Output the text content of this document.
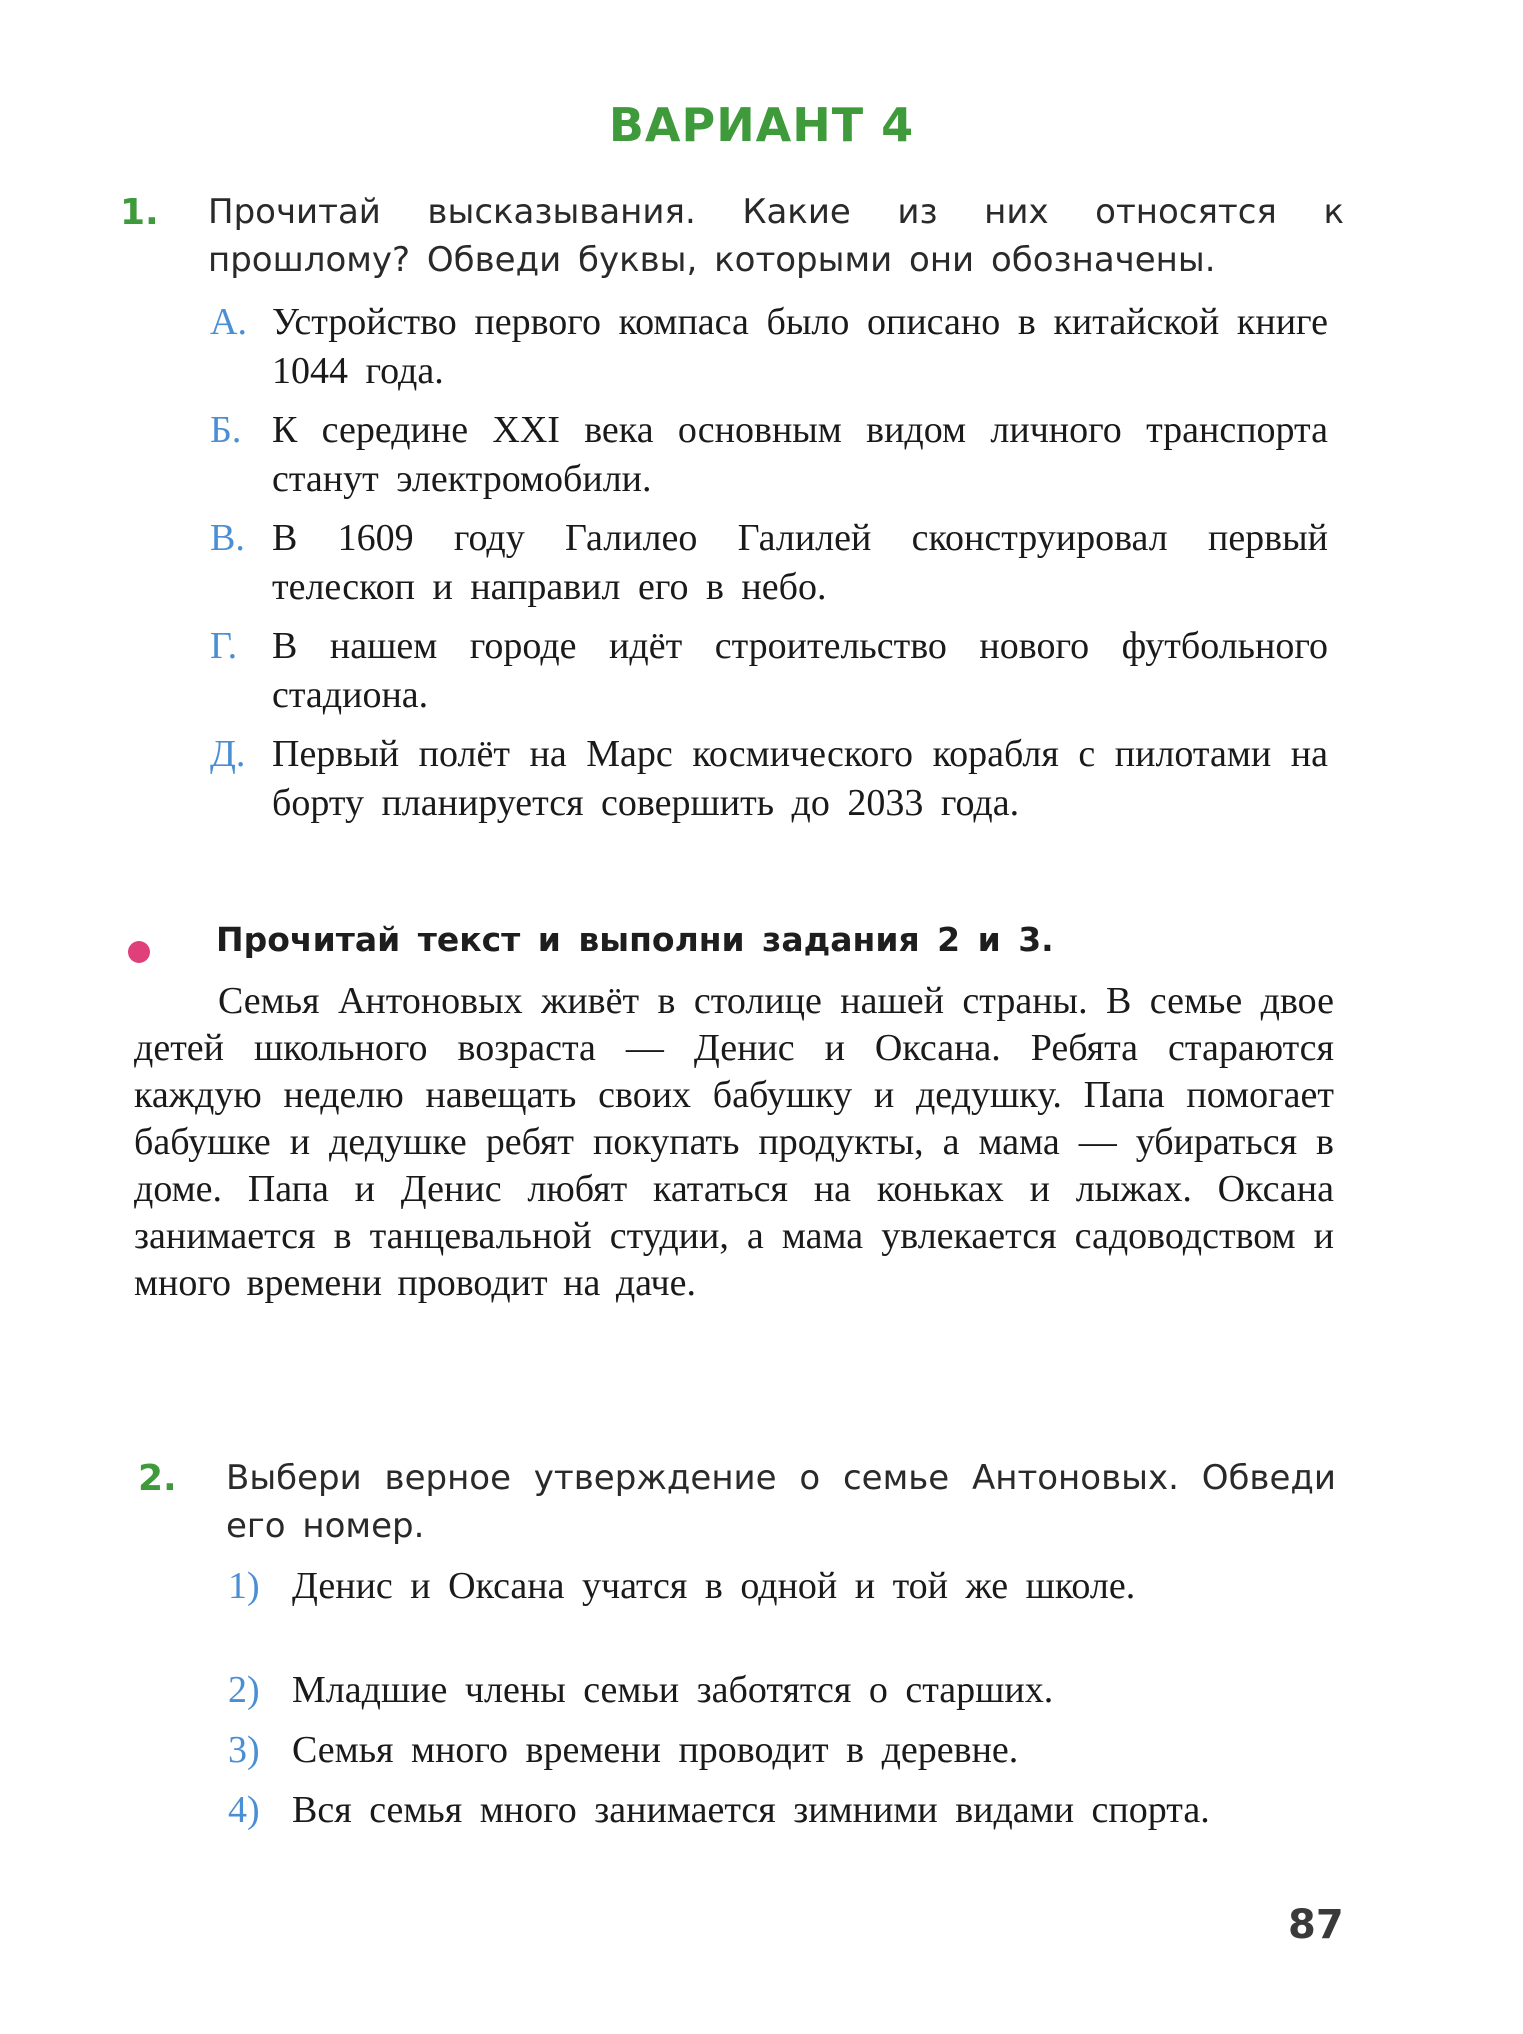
ВАРИАНТ 4
1. Прочитай высказывания. Какие из них относятся к прошлому? Обведи буквы, которыми они обозначены.
А. Устройство первого компаса было описано в китайской книге 1044 года.
Б. К середине XXI века основным видом личного транспорта станут электромобили.
В. В 1609 году Галилео Галилей сконструировал первый телескоп и направил его в небо.
Г. В нашем городе идёт строительство нового футбольного стадиона.
Д. Первый полёт на Марс космического корабля с пилотами на борту планируется совершить до 2033 года.
Прочитай текст и выполни задания 2 и 3.
Семья Антоновых живёт в столице нашей страны. В семье двое детей школьного возраста — Денис и Оксана. Ребята стараются каждую неделю навещать своих бабушку и дедушку. Папа помогает бабушке и дедушке ребят покупать продукты, а мама — убираться в доме. Папа и Денис любят кататься на коньках и лыжах. Оксана занимается в танцевальной студии, а мама увлекается садоводством и много времени проводит на даче.
2. Выбери верное утверждение о семье Антоновых. Обведи его номер.
1) Денис и Оксана учатся в одной и той же школе.
2) Младшие члены семьи заботятся о старших.
3) Семья много времени проводит в деревне.
4) Вся семья много занимается зимними видами спорта.
87
